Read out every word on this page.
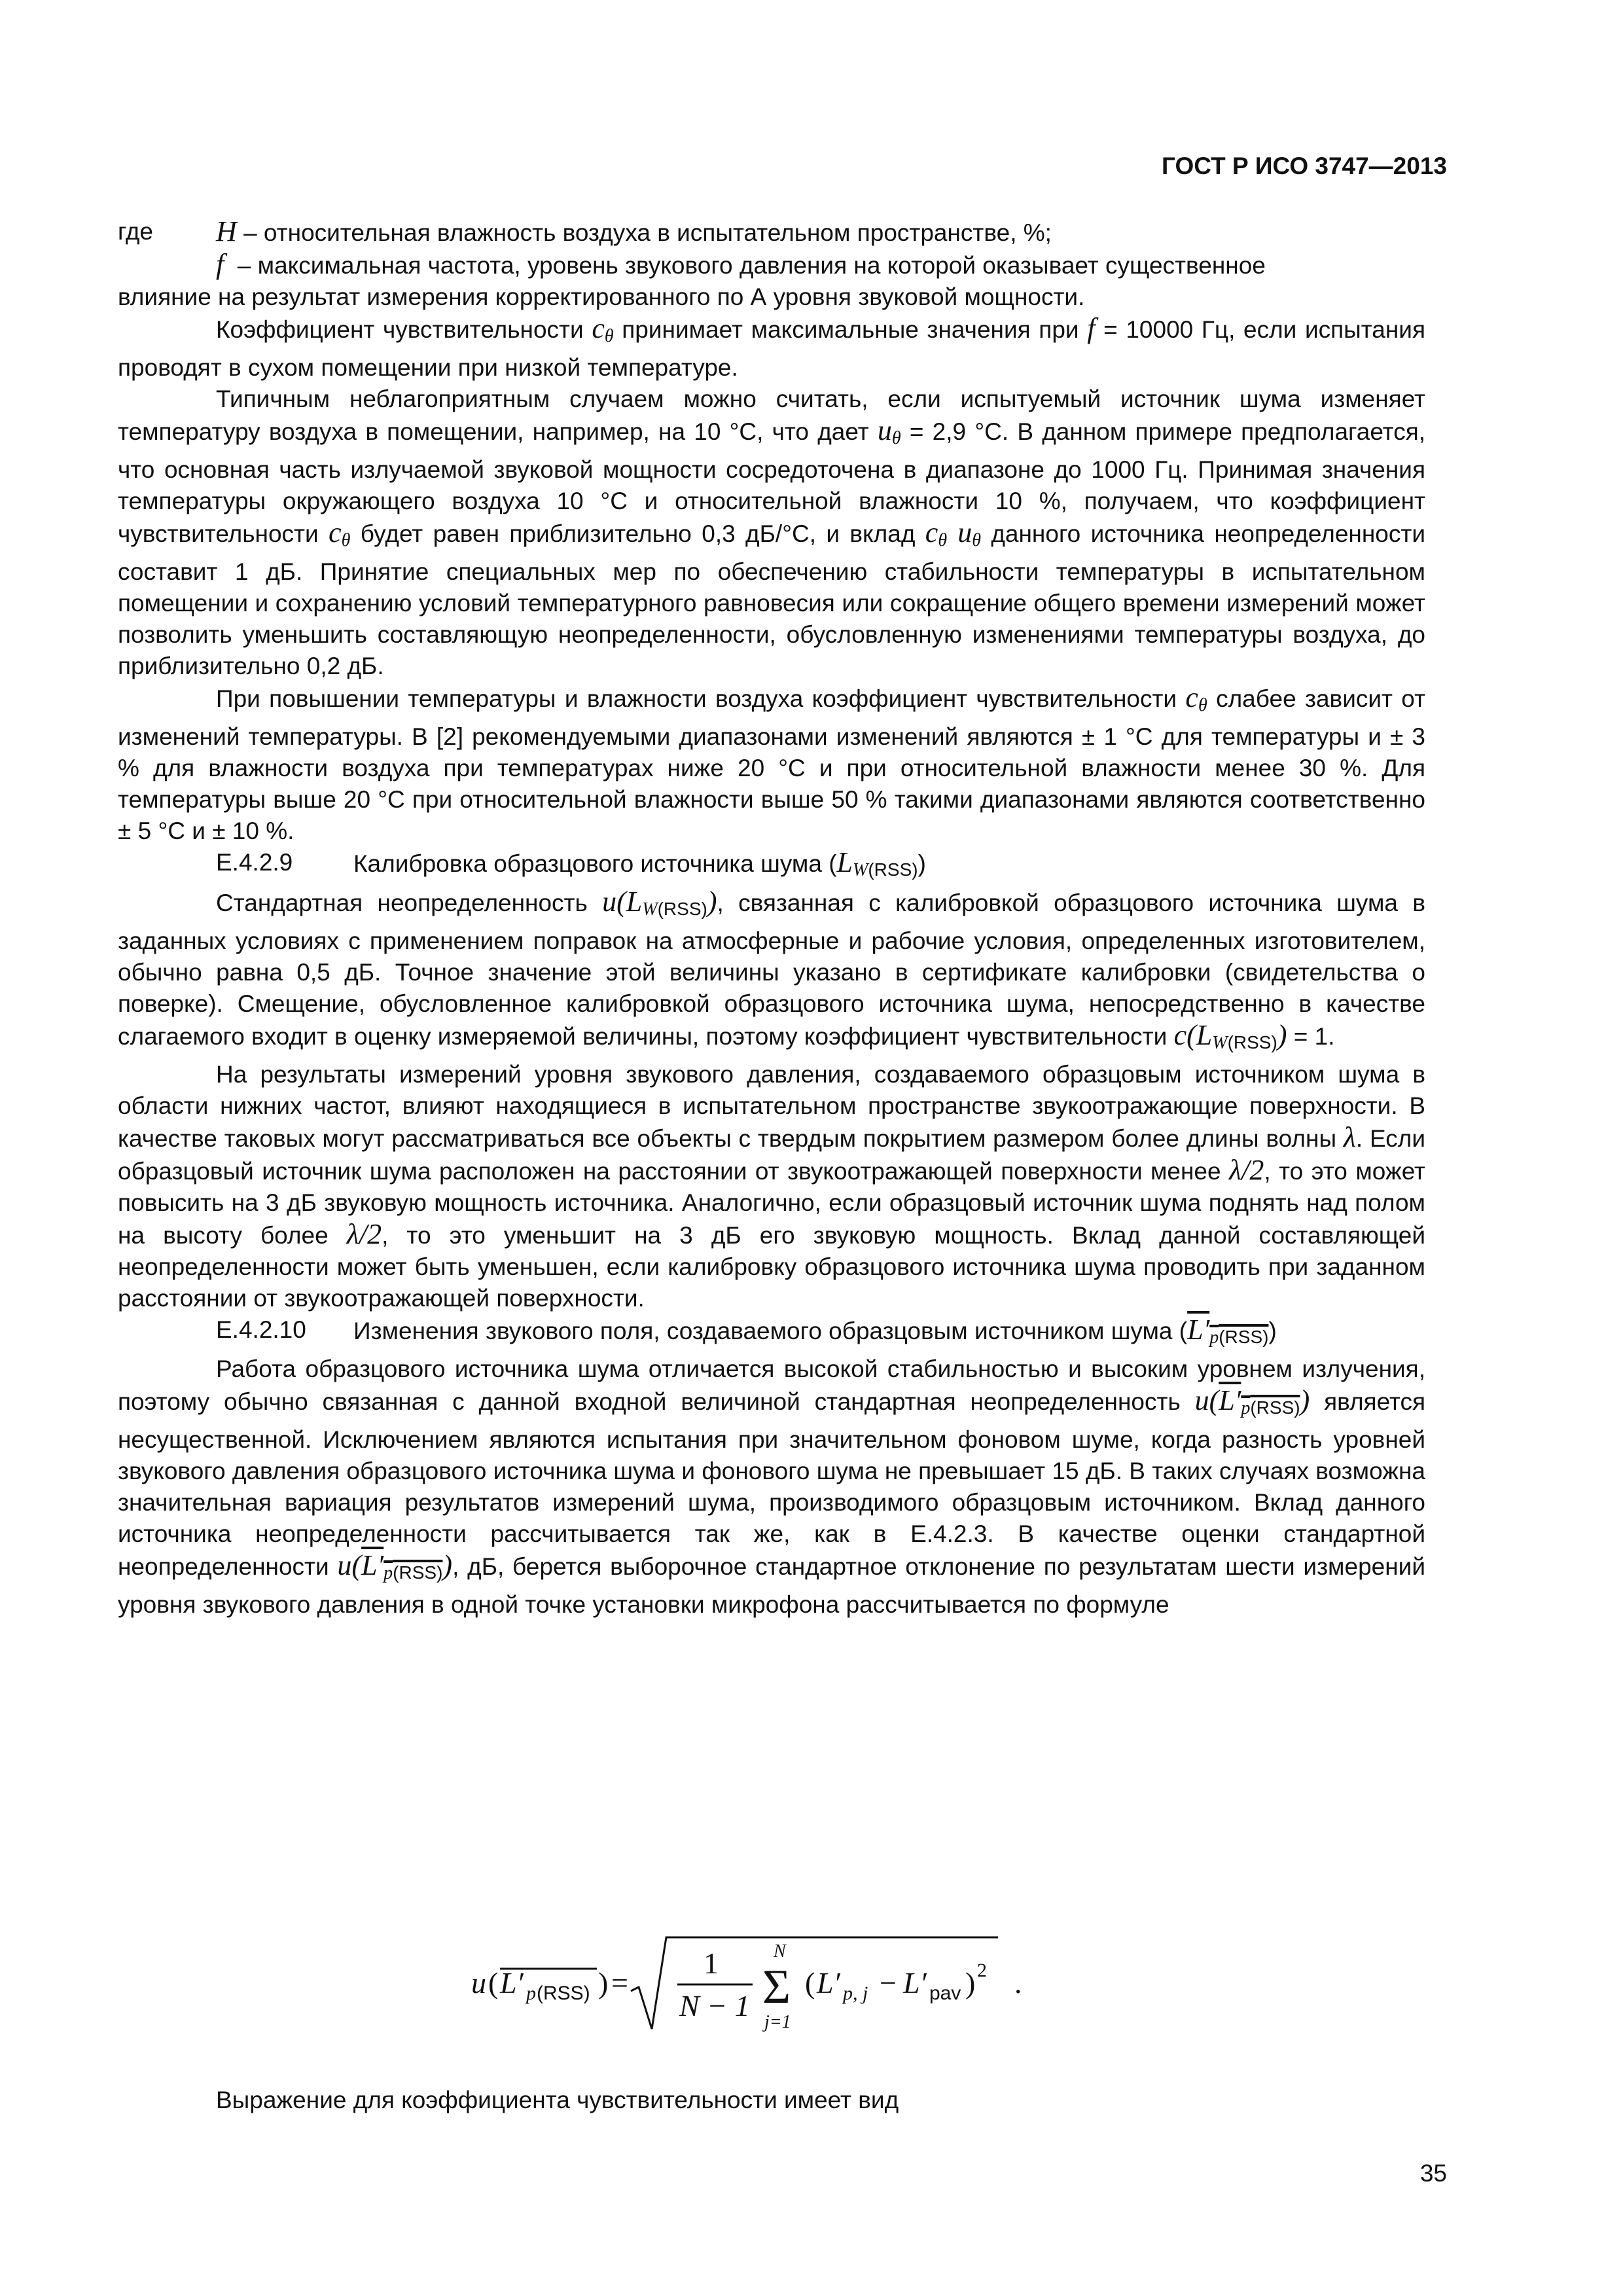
ГОСТ Р ИСО 3747—2013
где	H – относительная влажность воздуха в испытательном пространстве, %;
f – максимальная частота, уровень звукового давления на которой оказывает существенное

влияние на результат измерения корректированного по А уровня звуковой мощности.

Коэффициент чувствительности cθ принимает максимальные значения при f = 10000 Гц, если испытания проводят в сухом помещении при низкой температуре.

Типичным неблагоприятным случаем можно считать, если испытуемый источник шума изменяет температуру воздуха в помещении, например, на 10 °С, что дает uθ = 2,9 °С. В данном примере предполагается, что основная часть излучаемой звуковой мощности сосредоточена в диапазоне до 1000 Гц. Принимая значения температуры окружающего воздуха 10 °С и относительной влажности 10 %, получаем, что коэффициент чувствительности cθ будет равен приблизительно 0,3 дБ/°С, и вклад cθ uθ данного источника неопределенности составит 1 дБ. Принятие специальных мер по обеспечению стабильности температуры в испытательном помещении и сохранению условий температурного равновесия или сокращение общего времени измерений может позволить уменьшить составляющую неопределенности, обусловленную изменениями температуры воздуха, до приблизительно 0,2 дБ.

При повышении температуры и влажности воздуха коэффициент чувствительности cθ слабее зависит от изменений температуры. В [2] рекомендуемыми диапазонами изменений являются ± 1 °С для температуры и ± 3 % для влажности воздуха при температурах ниже 20 °С и при относительной влажности менее 30 %. Для температуры выше 20 °С при относительной влажности выше 50 % такими диапазонами являются соответственно ± 5 °С и ± 10 %.

Е.4.2.9	Калибровка образцового источника шума $(LW_{(RSS)})$

Стандартная неопределенность $u(LW_{(RSS)})$, связанная с калибровкой образцового источника шума в заданных условиях с применением поправок на атмосферные и рабочие условия, определенных изготовителем, обычно равна 0,5 дБ. Точное значение этой величины указано в сертификате калибровки (свидетельства о поверке). Смещение, обусловленное калибровкой образцового источника шума, непосредственно в качестве слагаемого входит в оценку измеряемой величины, поэтому коэффициент чувствительности $c(LW_{(RSS)}) = 1$.

На результаты измерений уровня звукового давления, создаваемого образцовым источником шума в области нижних частот, влияют находящиеся в испытательном пространстве звукоотражающие поверхности. В качестве таковых могут рассматриваться все объекты с твердым покрытием размером более длины волны λ. Если образцовый источник шума расположен на расстоянии от звукоотражающей поверхности менее λ/2, то это может повысить на 3 дБ звуковую мощность источника. Аналогично, если образцовый источник шума поднять над полом на высоту более λ/2, то это уменьшит на 3 дБ его звуковую мощность. Вклад данной составляющей неопределенности может быть уменьшен, если калибровку образцового источника шума проводить при заданном расстоянии от звукоотражающей поверхности.

Е.4.2.10	Изменения звукового поля, создаваемого образцовым источником шума $(L'p_{(RSS)})$

Работа образцового источника шума отличается высокой стабильностью и высоким уровнем излучения, поэтому обычно связанная с данной входной величиной стандартная неопределенность $u(L'p_{(RSS)})$ является несущественной. Исключением являются испытания при значительном фоновом шуме, когда разность уровней звукового давления образцового источника шума и фонового шума не превышает 15 дБ. В таких случаях возможна значительная вариация результатов измерений шума, производимого образцовым источником. Вклад данного источника неопределенности рассчитывается так же, как в Е.4.2.3. В качестве оценки стандартной неопределенности $u(L'p_{(RSS)})$, дБ, берется выборочное стандартное отклонение по результатам шести измерений уровня звукового давления в одной точке установки микрофона рассчитывается по формуле

u ( L′ p (RSS) ) =
1
N − 1
N
Σ
j=1
( L′ p, j − L′ pav ) 2 .
Выражение для коэффициента чувствительности имеет вид
35
